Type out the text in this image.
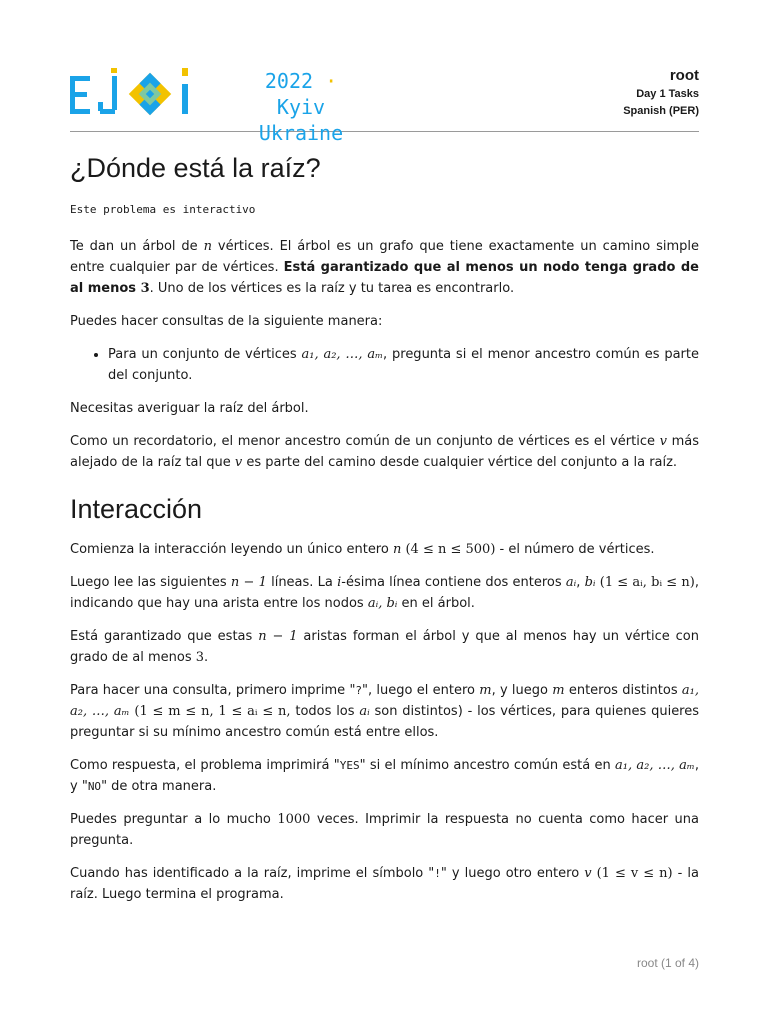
2022 · Kyiv
Ukraine
root
Day 1 Tasks
Spanish (PER)
¿Dónde está la raíz?
Este problema es interactivo

Te dan un árbol de n vértices. El árbol es un grafo que tiene exactamente un camino simple entre cualquier par de vértices. Está garantizado que al menos un nodo tenga grado de al menos 3. Uno de los vértices es la raíz y tu tarea es encontrarlo.

Puedes hacer consultas de la siguiente manera:

• Para un conjunto de vértices a₁, a₂, …, aₘ, pregunta si el menor ancestro común es parte del conjunto.

Necesitas averiguar la raíz del árbol.

Como un recordatorio, el menor ancestro común de un conjunto de vértices es el vértice v más alejado de la raíz tal que v es parte del camino desde cualquier vértice del conjunto a la raíz.

Interacción

Comienza la interacción leyendo un único entero n (4 ≤ n ≤ 500) - el número de vértices.

Luego lee las siguientes n − 1 líneas. La i-ésima línea contiene dos enteros aᵢ, bᵢ (1 ≤ aᵢ, bᵢ ≤ n), indicando que hay una arista entre los nodos aᵢ, bᵢ en el árbol.

Está garantizado que estas n − 1 aristas forman el árbol y que al menos hay un vértice con grado de al menos 3.

Para hacer una consulta, primero imprime "?", luego el entero m, y luego m enteros distintos a₁, a₂, …, aₘ (1 ≤ m ≤ n, 1 ≤ aᵢ ≤ n, todos los aᵢ son distintos) - los vértices, para quienes quieres preguntar si su mínimo ancestro común está entre ellos.

Como respuesta, el problema imprimirá "YES" si el mínimo ancestro común está en a₁, a₂, …, aₘ, y "NO" de otra manera.

Puedes preguntar a lo mucho 1000 veces. Imprimir la respuesta no cuenta como hacer una pregunta.

Cuando has identificado a la raíz, imprime el símbolo "!" y luego otro entero v (1 ≤ v ≤ n) - la raíz. Luego termina el programa.

root (1 of 4)
